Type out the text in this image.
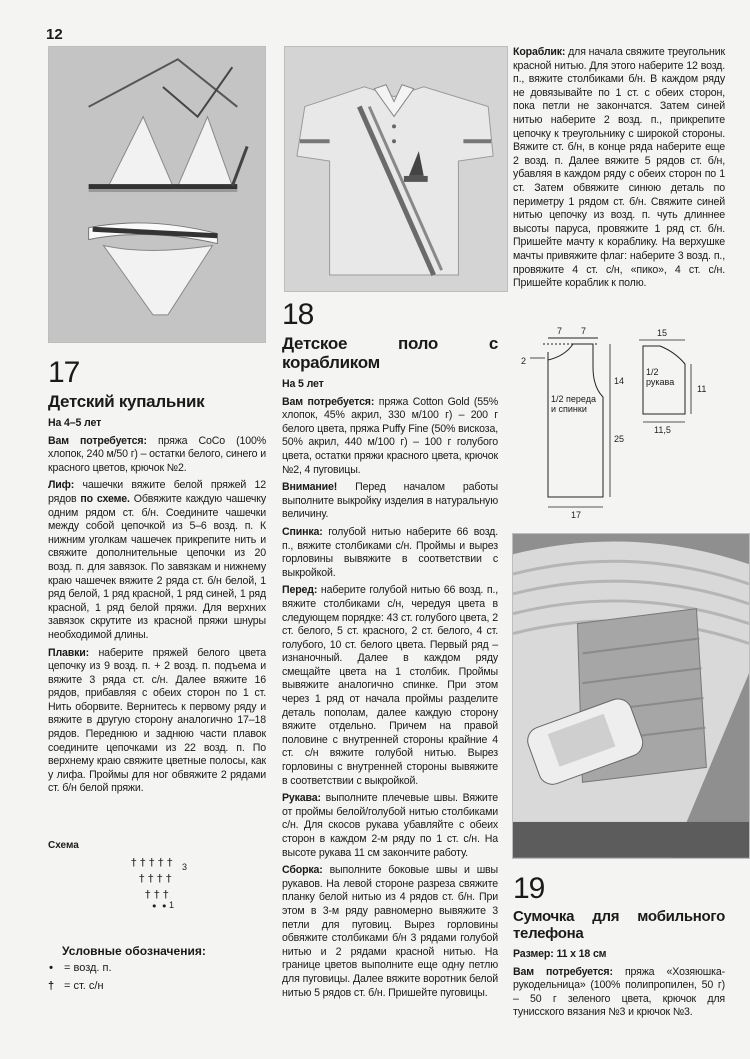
12
17
Детский купальник
На 4–5 лет

Вам потребуется: пряжа CoCo (100% хлопок, 240 м/50 г) – остатки белого, синего и красного цветов, крючок №2.

Лиф: чашечки вяжите белой пряжей 12 рядов по схеме. Обвяжите каждую чашечку одним рядом ст. б/н. Соедините чашечки между собой цепочкой из 5–6 возд. п. К нижним уголкам чашечек прикрепите нить и свяжите дополнительные цепочки из 20 возд. п. для завязок. По завязкам и нижнему краю чашечек вяжите 2 ряда ст. б/н белой, 1 ряд белой, 1 ряд красной, 1 ряд синей, 1 ряд красной, 1 ряд белой пряжи. Для верхних завязок скрутите из красной пряжи шнуры необходимой длины.

Плавки: наберите пряжей белого цвета цепочку из 9 возд. п. + 2 возд. п. подъема и вяжите 3 ряда ст. с/н. Далее вяжите 16 рядов, прибавляя с обеих сторон по 1 ст. Нить оборвите. Вернитесь к первому ряду и вяжите в другую сторону аналогично 17–18 рядов. Переднюю и заднюю части плавок соедините цепочками из 22 возд. п. По верхнему краю свяжите цветные полосы, как у лифа. Проймы для ног обвяжите 2 рядами ст. б/н белой пряжи.

Схема
† † † † †
† † † †
† † †
• •
3
1
Условные обозначения:
•	= возд. п.
† = ст. с/н
18
Детское поло с корабликом
На 5 лет

Вам потребуется: пряжа Cotton Gold (55% хлопок, 45% акрил, 330 м/100 г) – 200 г белого цвета, пряжа Puffy Fine (50% вискоза, 50% акрил, 440 м/100 г) – 100 г голубого цвета, остатки пряжи красного цвета, крючок №2, 4 пуговицы.

Внимание! Перед началом работы выполните выкройку изделия в натуральную величину.

Спинка: голубой нитью наберите 66 возд. п., вяжите столбиками с/н. Проймы и вырез горловины вывяжите в соответствии с выкройкой.

Перед: наберите голубой нитью 66 возд. п., вяжите столбиками с/н, чередуя цвета в следующем порядке: 43 ст. голубого цвета, 2 ст. белого, 5 ст. красного, 2 ст. белого, 4 ст. голубого, 10 ст. белого цвета. Первый ряд – изнаночный. Далее в каждом ряду смещайте цвета на 1 столбик. Проймы вывяжите аналогично спинке. При этом через 1 ряд от начала проймы разделите деталь пополам, далее каждую сторону вяжите отдельно. Причем на правой половине с внутренней стороны крайние 4 ст. с/н вяжите голубой нитью. Вырез горловины с внутренней стороны вывяжите в соответствии с выкройкой.

Рукава: выполните плечевые швы. Вяжите от проймы белой/голубой нитью столбиками с/н. Для скосов рукава убавляйте с обеих сторон в каждом 2-м ряду по 1 ст. с/н. На высоте рукава 11 см закончите работу.

Сборка: выполните боковые швы и швы рукавов. На левой стороне разреза свяжите планку белой нитью из 4 рядов ст. б/н. При этом в 3-м ряду равномерно вывяжите 3 петли для пуговиц. Вырез горловины обвяжите столбиками б/н 3 рядами голубой нитью и 2 рядами красной нитью. На границе цветов выполните еще одну петлю для пуговицы. Далее вяжите воротник белой нитью 5 рядов ст. б/н. Пришейте пуговицы.

Кораблик: для начала свяжите треугольник красной нитью. Для этого наберите 12 возд. п., вяжите столбиками б/н. В каждом ряду не довязывайте по 1 ст. с обеих сторон, пока петли не закончатся. Затем синей нитью наберите 2 возд. п., прикрепите цепочку к треугольнику с широкой стороны. Вяжите ст. б/н, в конце ряда наберите еще 2 возд. п. Далее вяжите 5 рядов ст. б/н, убавляя в каждом ряду с обеих сторон по 1 ст. Затем обвяжите синюю деталь по периметру 1 рядом ст. б/н. Свяжите синей нитью цепочку из возд. п. чуть длиннее высоты паруса, провяжите 1 ряд ст. б/н. Пришейте мачту к кораблику. На верхушке мачты привяжите флаг: наберите 3 возд. п., провяжите 4 ст. с/н, «пико», 4 ст. с/н. Пришейте кораблик к полю.

7 7
2
14
25
17
1/2 переда и спинки
15
11
11,5
1/2 рукава
19
Сумочка для мобильного телефона

Размер: 11 x 18 см

Вам потребуется: пряжа «Хозяюшка-рукодельница» (100% полипропилен, 50 г) – 50 г зеленого цвета, крючок для тунисского вязания №3 и крючок №3.
